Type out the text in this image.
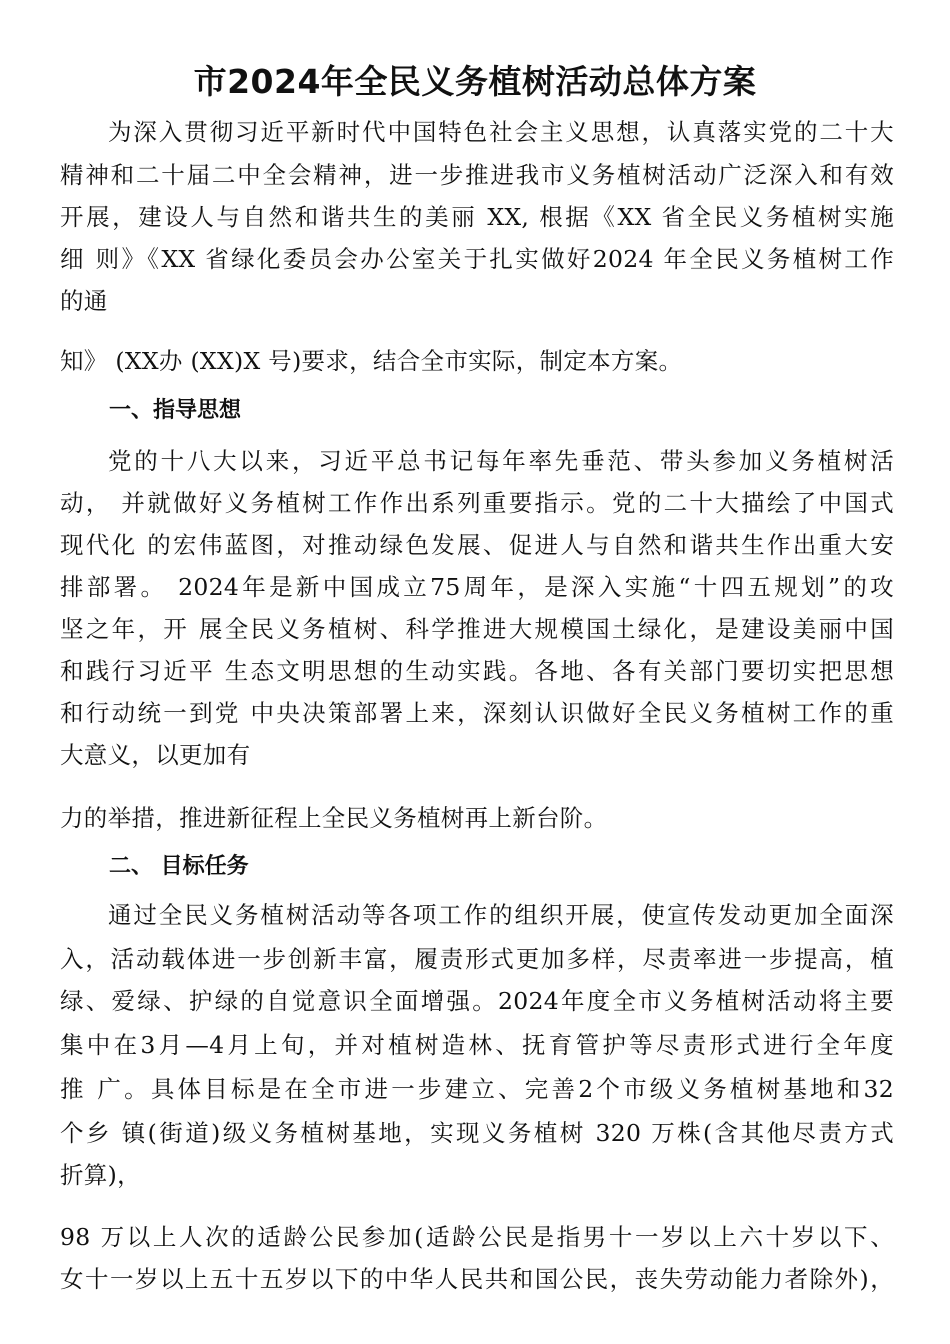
市2024年全民义务植树活动总体方案
为深入贯彻习近平新时代中国特色社会主义思想，认真落实党的二十大
精神和二十届二中全会精神，进一步推进我市义务植树活动广泛深入和有效
开展，建设人与自然和谐共生的美丽 XX, 根据《XX 省全民义务植树实施
细 则》《XX 省绿化委员会办公室关于扎实做好2024 年全民义务植树工作
的通
知》 (XX办 (XX)X 号)要求，结合全市实际，制定本方案。
一、指导思想
党的十八大以来，习近平总书记每年率先垂范、带头参加义务植树活
动， 并就做好义务植树工作作出系列重要指示。党的二十大描绘了中国式
现代化 的宏伟蓝图，对推动绿色发展、促进人与自然和谐共生作出重大安
排部署。 2024年是新中国成立75周年，是深入实施“十四五规划”的攻
坚之年，开 展全民义务植树、科学推进大规模国土绿化，是建设美丽中国
和践行习近平 生态文明思想的生动实践。各地、各有关部门要切实把思想
和行动统一到党 中央决策部署上来，深刻认识做好全民义务植树工作的重
大意义，以更加有
力的举措，推进新征程上全民义务植树再上新台阶。
二、 目标任务
通过全民义务植树活动等各项工作的组织开展，使宣传发动更加全面深
入，活动载体进一步创新丰富，履责形式更加多样，尽责率进一步提高，植
绿、爱绿、护绿的自觉意识全面增强。2024年度全市义务植树活动将主要
集中在3月—4月上旬，并对植树造林、抚育管护等尽责形式进行全年度
推 广。具体目标是在全市进一步建立、完善2个市级义务植树基地和32
个乡 镇(街道)级义务植树基地，实现义务植树 320 万株(含其他尽责方式
折算)，
98 万以上人次的适龄公民参加(适龄公民是指男十一岁以上六十岁以下、
女十一岁以上五十五岁以下的中华人民共和国公民，丧失劳动能力者除外)，
